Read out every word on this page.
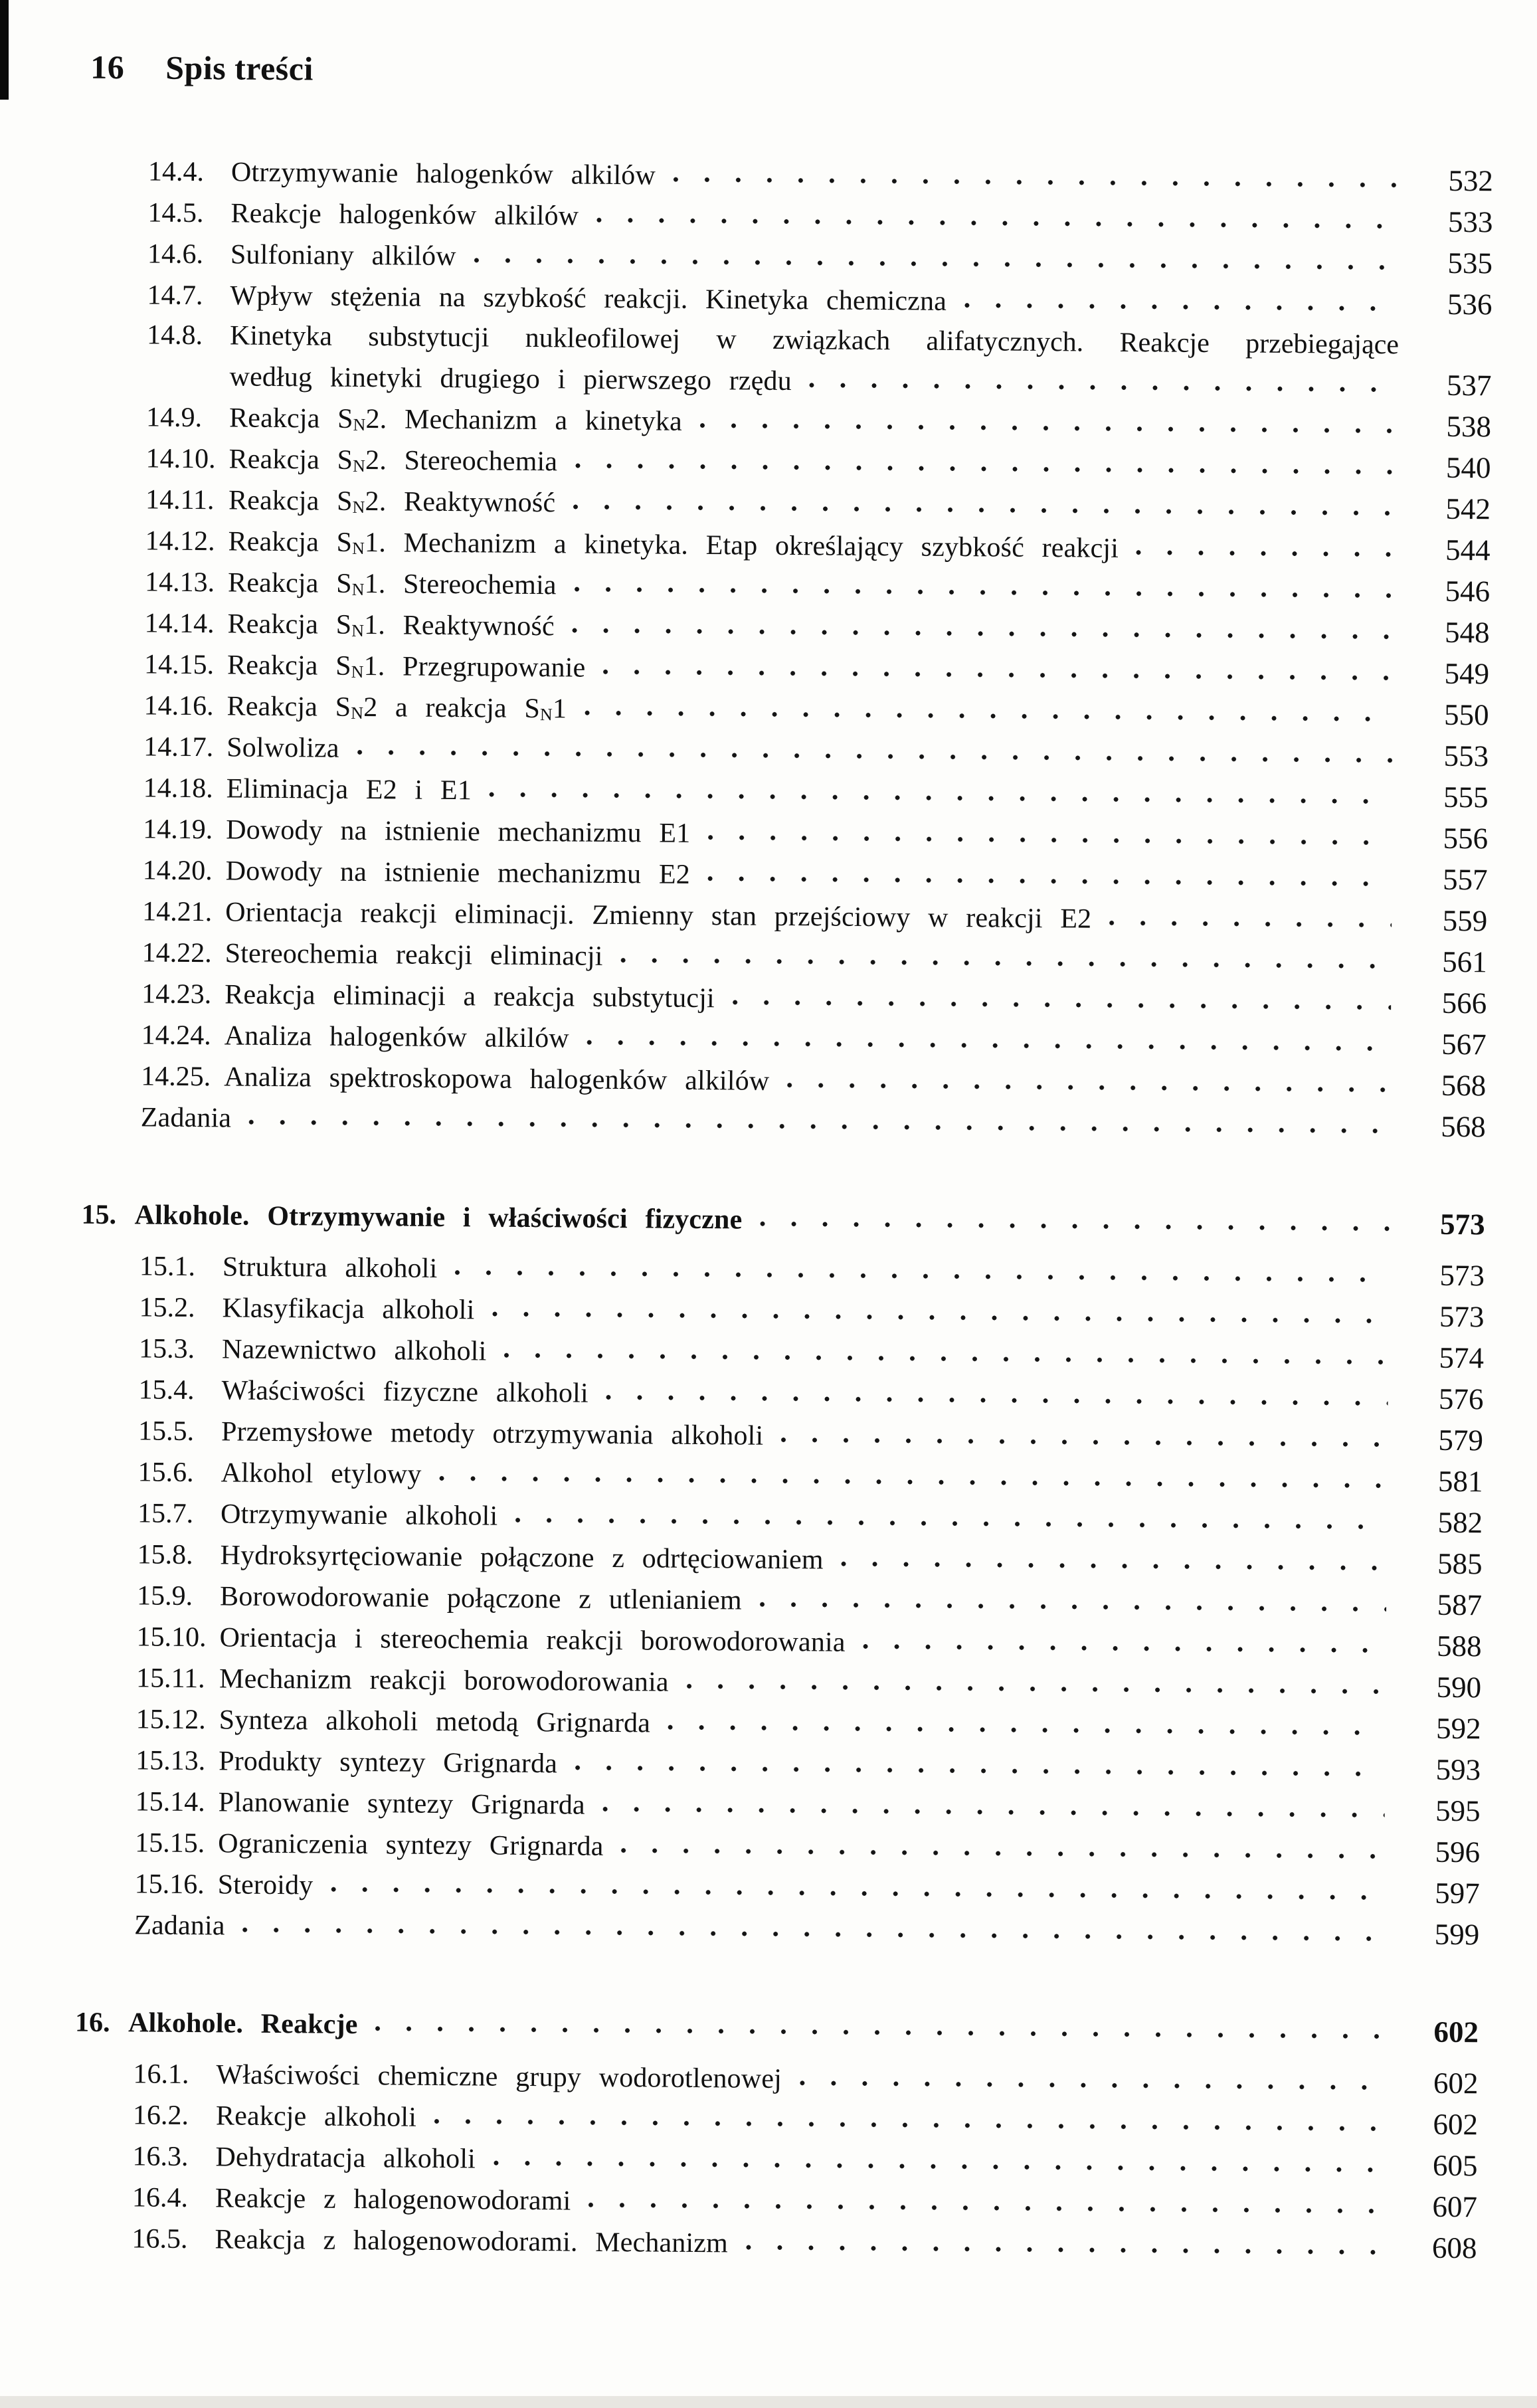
16 Spis treści
14.4. Otrzymywanie halogenków alkilów	532
14.5. Reakcje halogenków alkilów	533
14.6. Sulfoniany alkilów	535
14.7. Wpływ stężenia na szybkość reakcji. Kinetyka chemiczna	536
14.8. Kinetyka substytucji nukleofilowej w związkach alifatycznych. Reakcje przebiegające
według kinetyki drugiego i pierwszego rzędu	537
14.9. Reakcja $S_N2$. Mechanizm a kinetyka	538
14.10. Reakcja $S_N2$. Stereochemia	540
14.11. Reakcja $S_N2$. Reaktywność	542
14.12. Reakcja $S_N1$. Mechanizm a kinetyka. Etap określający szybkość reakcji	544
14.13. Reakcja $S_N1$. Stereochemia	546
14.14. Reakcja $S_N1$. Reaktywność	548
14.15. Reakcja $S_N1$. Przegrupowanie	549
14.16. Reakcja $S_N2$ a reakcja $S_N1$	550
14.17. Solwoliza	553
14.18. Eliminacja E2 i E1	555
14.19. Dowody na istnienie mechanizmu E1	556
14.20. Dowody na istnienie mechanizmu E2	557
14.21. Orientacja reakcji eliminacji. Zmienny stan przejściowy w reakcji E2	559
14.22. Stereochemia reakcji eliminacji	561
14.23. Reakcja eliminacji a reakcja substytucji	566
14.24. Analiza halogenków alkilów	567
14.25. Analiza spektroskopowa halogenków alkilów	568
Zadania	568
15. Alkohole. Otrzymywanie i właściwości fizyczne	573
15.1. Struktura alkoholi	573
15.2. Klasyfikacja alkoholi	573
15.3. Nazewnictwo alkoholi	574
15.4. Właściwości fizyczne alkoholi	576
15.5. Przemysłowe metody otrzymywania alkoholi	579
15.6. Alkohol etylowy	581
15.7. Otrzymywanie alkoholi	582
15.8. Hydroksyrtęciowanie połączone z odrtęciowaniem	585
15.9. Borowodorowanie połączone z utlenianiem	587
15.10. Orientacja i stereochemia reakcji borowodorowania	588
15.11. Mechanizm reakcji borowodorowania	590
15.12. Synteza alkoholi metodą Grignarda	592
15.13. Produkty syntezy Grignarda	593
15.14. Planowanie syntezy Grignarda	595
15.15. Ograniczenia syntezy Grignarda	596
15.16. Steroidy	597
Zadania	599
16. Alkohole. Reakcje	602
16.1. Właściwości chemiczne grupy wodorotlenowej	602
16.2. Reakcje alkoholi	602
16.3. Dehydratacja alkoholi	605
16.4. Reakcje z halogenowodorami	607
16.5. Reakcja z halogenowodorami. Mechanizm	608
